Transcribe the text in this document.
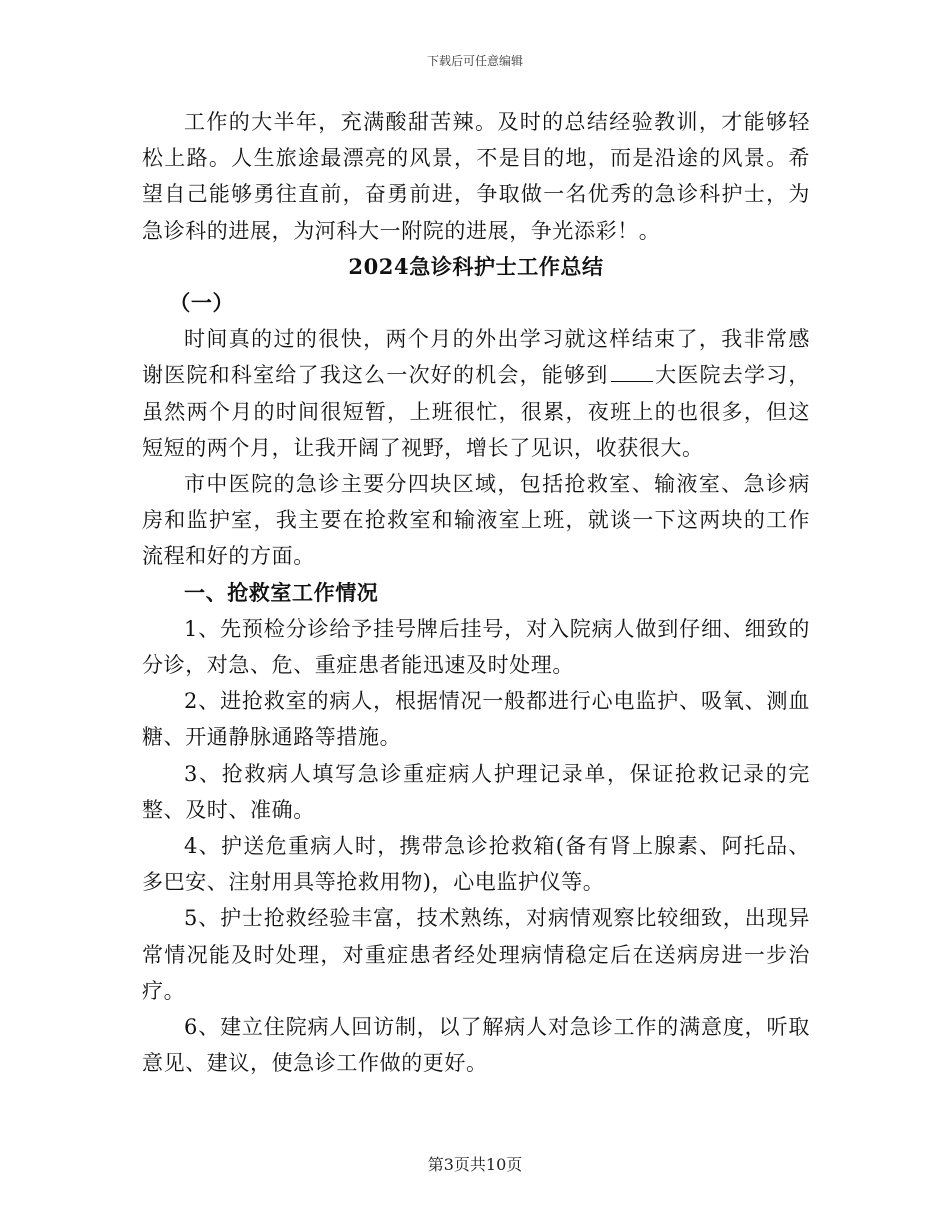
下载后可任意编辑

工作的大半年，充满酸甜苦辣。及时的总结经验教训，才能够轻松上路。人生旅途最漂亮的风景，不是目的地，而是沿途的风景。希望自己能够勇往直前，奋勇前进，争取做一名优秀的急诊科护士，为急诊科的进展，为河科大一附院的进展，争光添彩！。

2024急诊科护士工作总结

（一）

时间真的过的很快，两个月的外出学习就这样结束了，我非常感谢医院和科室给了我这么一次好的机会，能够到 大医院去学习，虽然两个月的时间很短暂，上班很忙，很累，夜班上的也很多，但这短短的两个月，让我开阔了视野，增长了见识，收获很大。

市中医院的急诊主要分四块区域，包括抢救室、输液室、急诊病房和监护室，我主要在抢救室和输液室上班，就谈一下这两块的工作流程和好的方面。

一、抢救室工作情况

1、先预检分诊给予挂号牌后挂号，对入院病人做到仔细、细致的分诊，对急、危、重症患者能迅速及时处理。

2、进抢救室的病人，根据情况一般都进行心电监护、吸氧、测血糖、开通静脉通路等措施。

3、抢救病人填写急诊重症病人护理记录单，保证抢救记录的完整、及时、准确。

4、护送危重病人时，携带急诊抢救箱(备有肾上腺素、阿托品、多巴安、注射用具等抢救用物)，心电监护仪等。

5、护士抢救经验丰富，技术熟练，对病情观察比较细致，出现异常情况能及时处理，对重症患者经处理病情稳定后在送病房进一步治疗。

6、建立住院病人回访制，以了解病人对急诊工作的满意度，听取意见、建议，使急诊工作做的更好。

第3页共10页
